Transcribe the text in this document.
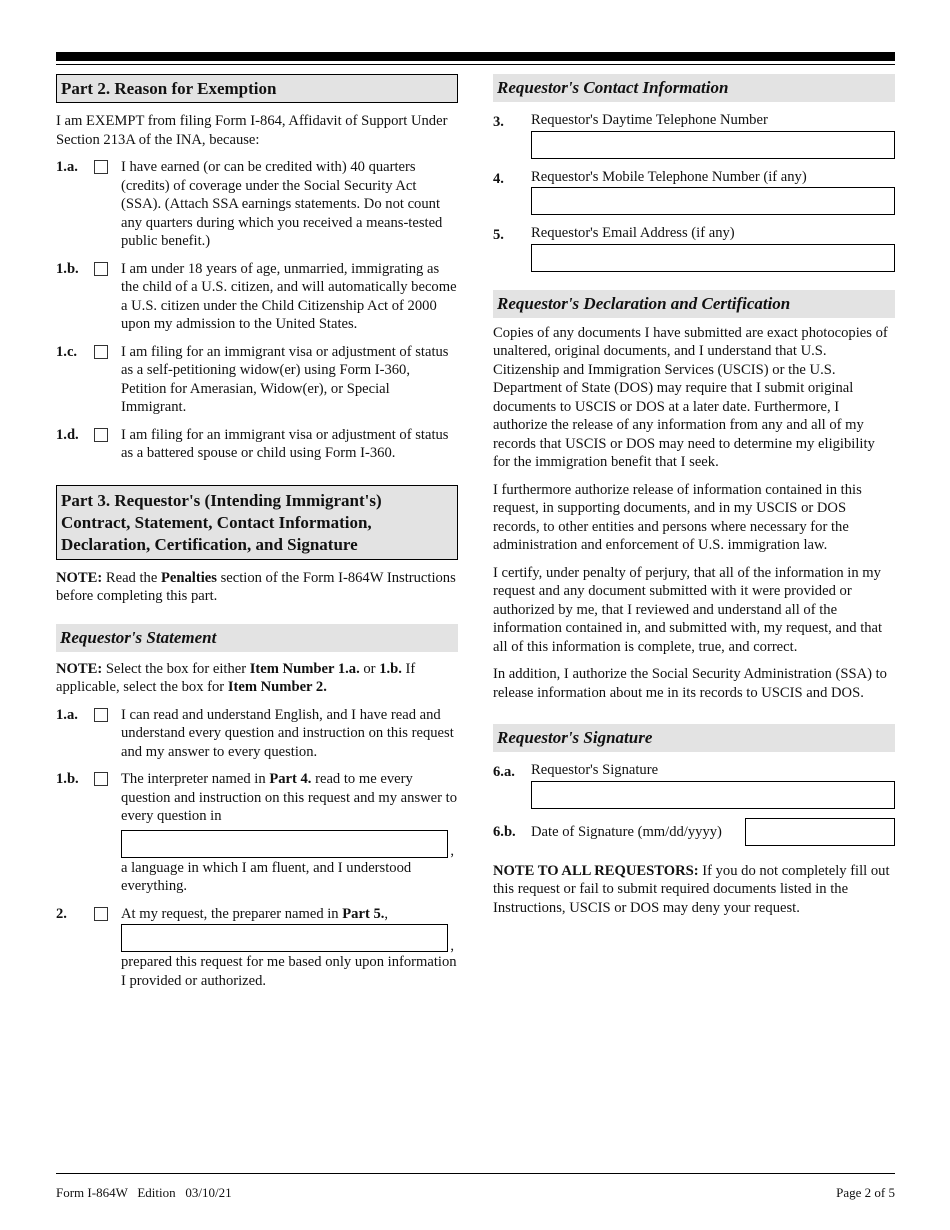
Part 2. Reason for Exemption

I am EXEMPT from filing Form I-864, Affidavit of Support Under Section 213A of the INA, because:

1.a.	I have earned (or can be credited with) 40 quarters (credits) of coverage under the Social Security Act (SSA). (Attach SSA earnings statements. Do not count any quarters during which you received a means-tested public benefit.)
1.b.	I am under 18 years of age, unmarried, immigrating as the child of a U.S. citizen, and will automatically become a U.S. citizen under the Child Citizenship Act of 2000 upon my admission to the United States.
1.c.	I am filing for an immigrant visa or adjustment of status as a self-petitioning widow(er) using Form I-360, Petition for Amerasian, Widow(er), or Special Immigrant.
1.d.	I am filing for an immigrant visa or adjustment of status as a battered spouse or child using Form I-360.
Part 3. Requestor's (Intending Immigrant's) Contract, Statement, Contact Information, Declaration, Certification, and Signature

NOTE: Read the Penalties section of the Form I-864W Instructions before completing this part.

Requestor's Statement

NOTE: Select the box for either Item Number 1.a. or 1.b. If applicable, select the box for Item Number 2.

1.a.	I can read and understand English, and I have read and understand every question and instruction on this request and my answer to every question.
1.b.	The interpreter named in Part 4. read to me every question and instruction on this request and my answer to every question in
,

a language in which I am fluent, and I understood everything.

2.	At my request, the preparer named in Part 5.,
,

prepared this request for me based only upon information I provided or authorized.

Requestor's Contact Information
3. Requestor's Daytime Telephone Number

4. Requestor's Mobile Telephone Number (if any)

5. Requestor's Email Address (if any)

Requestor's Declaration and Certification

Copies of any documents I have submitted are exact photocopies of unaltered, original documents, and I understand that U.S. Citizenship and Immigration Services (USCIS) or the U.S. Department of State (DOS) may require that I submit original documents to USCIS or DOS at a later date. Furthermore, I authorize the release of any information from any and all of my records that USCIS or DOS may need to determine my eligibility for the immigration benefit that I seek.

I furthermore authorize release of information contained in this request, in supporting documents, and in my USCIS or DOS records, to other entities and persons where necessary for the administration and enforcement of U.S. immigration law.

I certify, under penalty of perjury, that all of the information in my request and any document submitted with it were provided or authorized by me, that I reviewed and understand all of the information contained in, and submitted with, my request, and that all of this information is complete, true, and correct.

In addition, I authorize the Social Security Administration (SSA) to release information about me in its records to USCIS and DOS.

Requestor's Signature
6.a. Requestor's Signature

6.b. Date of Signature (mm/dd/yyyy)

NOTE TO ALL REQUESTORS: If you do not completely fill out this request or fail to submit required documents listed in the Instructions, USCIS or DOS may deny your request.

Form I-864W   Edition   03/10/21	Page 2 of 5
